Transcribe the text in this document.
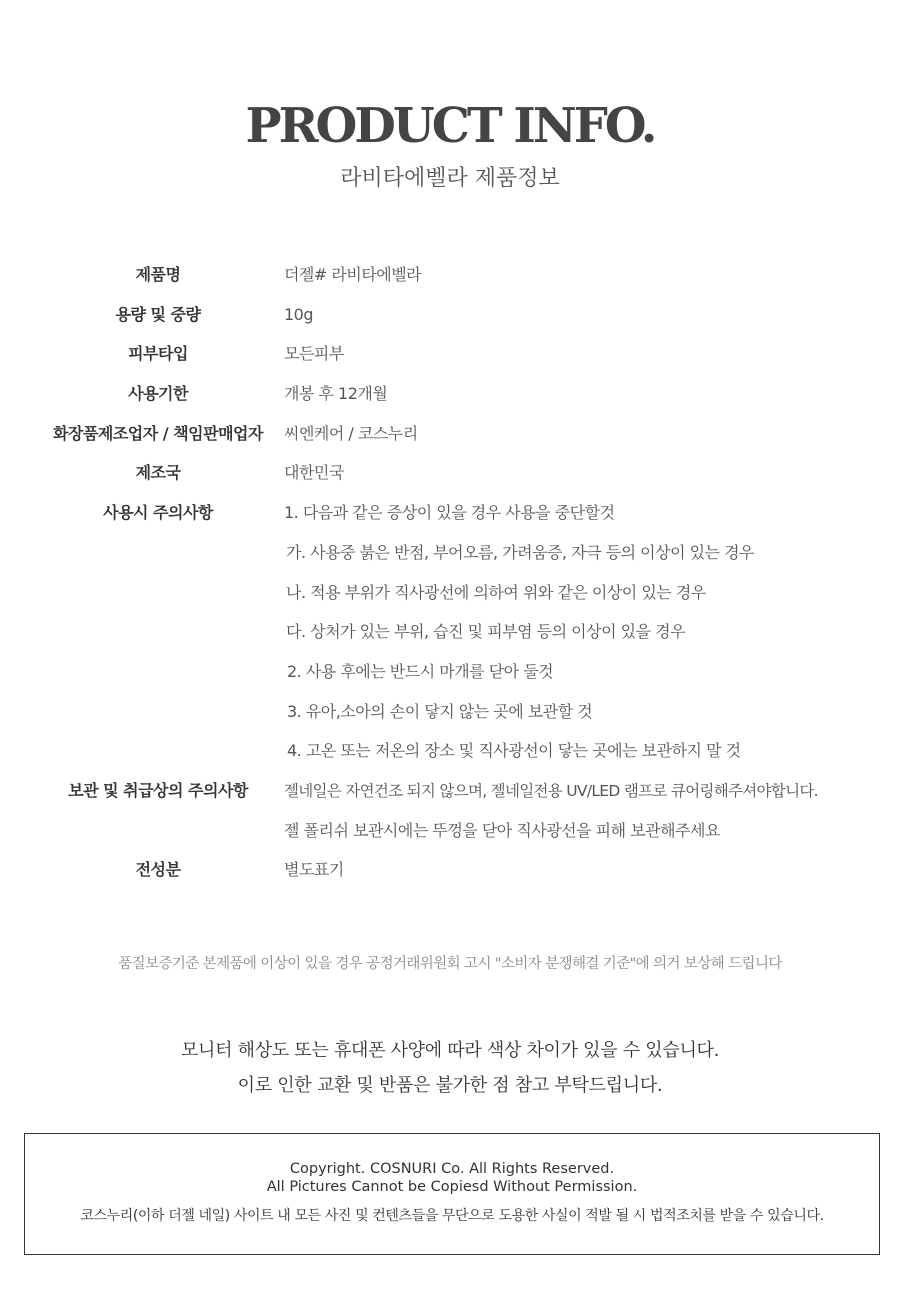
PRODUCT INFO.
라비타에벨라 제품정보
제품명	더젤# 라비타에벨라
용량 및 중량	10g
피부타입	모든피부
사용기한	개봉 후 12개월
화장품제조업자 / 책임판매업자	씨엔케어 / 코스누리
제조국	대한민국
사용시 주의사항	1. 다음과 같은 증상이 있을 경우 사용을 중단할것
가. 사용중 붉은 반점, 부어오름, 가려움증, 자극 등의 이상이 있는 경우
나. 적용 부위가 직사광선에 의하여 위와 같은 이상이 있는 경우
다. 상처가 있는 부위, 습진 및 피부염 등의 이상이 있을 경우
2. 사용 후에는 반드시 마개를 닫아 둘것
3. 유아,소아의 손이 닿지 않는 곳에 보관할 것
4. 고온 또는 저온의 장소 및 직사광선이 닿는 곳에는 보관하지 말 것
보관 및 취급상의 주의사항	젤네일은 자연건조 되지 않으며, 젤네일전용 UV/LED 램프로 큐어링해주셔야합니다.
젤 폴리쉬 보관시에는 뚜껑을 닫아 직사광선을 피해 보관해주세요
전성분	별도표기
품질보증기준 본제품에 이상이 있을 경우 공정거래위원회 고시 "소비자 분쟁해결 기준"에 의거 보상해 드립니다
모니터 해상도 또는 휴대폰 사양에 따라 색상 차이가 있을 수 있습니다.
이로 인한 교환 및 반품은 불가한 점 참고 부탁드립니다.
Copyright. COSNURI Co. All Rights Reserved.
All Pictures Cannot be Copiesd Without Permission.
코스누리(이하 더젤 네일) 사이트 내 모든 사진 및 컨텐츠들을 무단으로 도용한 사실이 적발 될 시 법적조치를 받을 수 있습니다.
